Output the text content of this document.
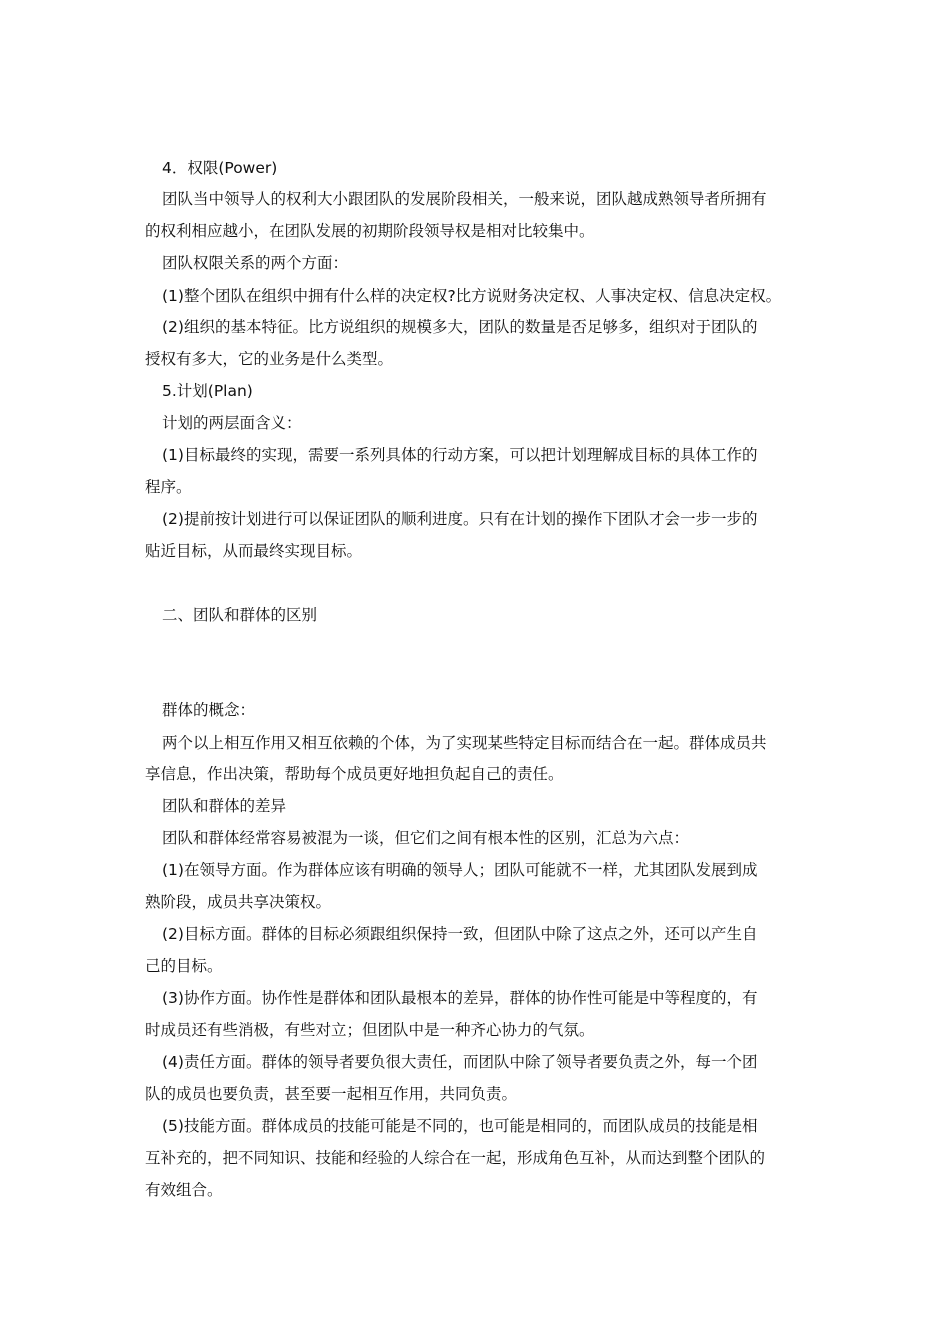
4．权限(Power)
团队当中领导人的权利大小跟团队的发展阶段相关，一般来说，团队越成熟领导者所拥有
的权利相应越小，在团队发展的初期阶段领导权是相对比较集中。
团队权限关系的两个方面：
(1)整个团队在组织中拥有什么样的决定权?比方说财务决定权、人事决定权、信息决定权。
(2)组织的基本特征。比方说组织的规模多大，团队的数量是否足够多，组织对于团队的
授权有多大，它的业务是什么类型。
5.计划(Plan)
计划的两层面含义：
(1)目标最终的实现，需要一系列具体的行动方案，可以把计划理解成目标的具体工作的
程序。
(2)提前按计划进行可以保证团队的顺利进度。只有在计划的操作下团队才会一步一步的
贴近目标，从而最终实现目标。
二、团队和群体的区别
群体的概念：
两个以上相互作用又相互依赖的个体，为了实现某些特定目标而结合在一起。群体成员共
享信息，作出决策，帮助每个成员更好地担负起自己的责任。
团队和群体的差异
团队和群体经常容易被混为一谈，但它们之间有根本性的区别，汇总为六点：
(1)在领导方面。作为群体应该有明确的领导人；团队可能就不一样，尤其团队发展到成
熟阶段，成员共享决策权。
(2)目标方面。群体的目标必须跟组织保持一致，但团队中除了这点之外，还可以产生自
己的目标。
(3)协作方面。协作性是群体和团队最根本的差异，群体的协作性可能是中等程度的，有
时成员还有些消极，有些对立；但团队中是一种齐心协力的气氛。
(4)责任方面。群体的领导者要负很大责任，而团队中除了领导者要负责之外，每一个团
队的成员也要负责，甚至要一起相互作用，共同负责。
(5)技能方面。群体成员的技能可能是不同的，也可能是相同的，而团队成员的技能是相
互补充的，把不同知识、技能和经验的人综合在一起，形成角色互补，从而达到整个团队的
有效组合。
